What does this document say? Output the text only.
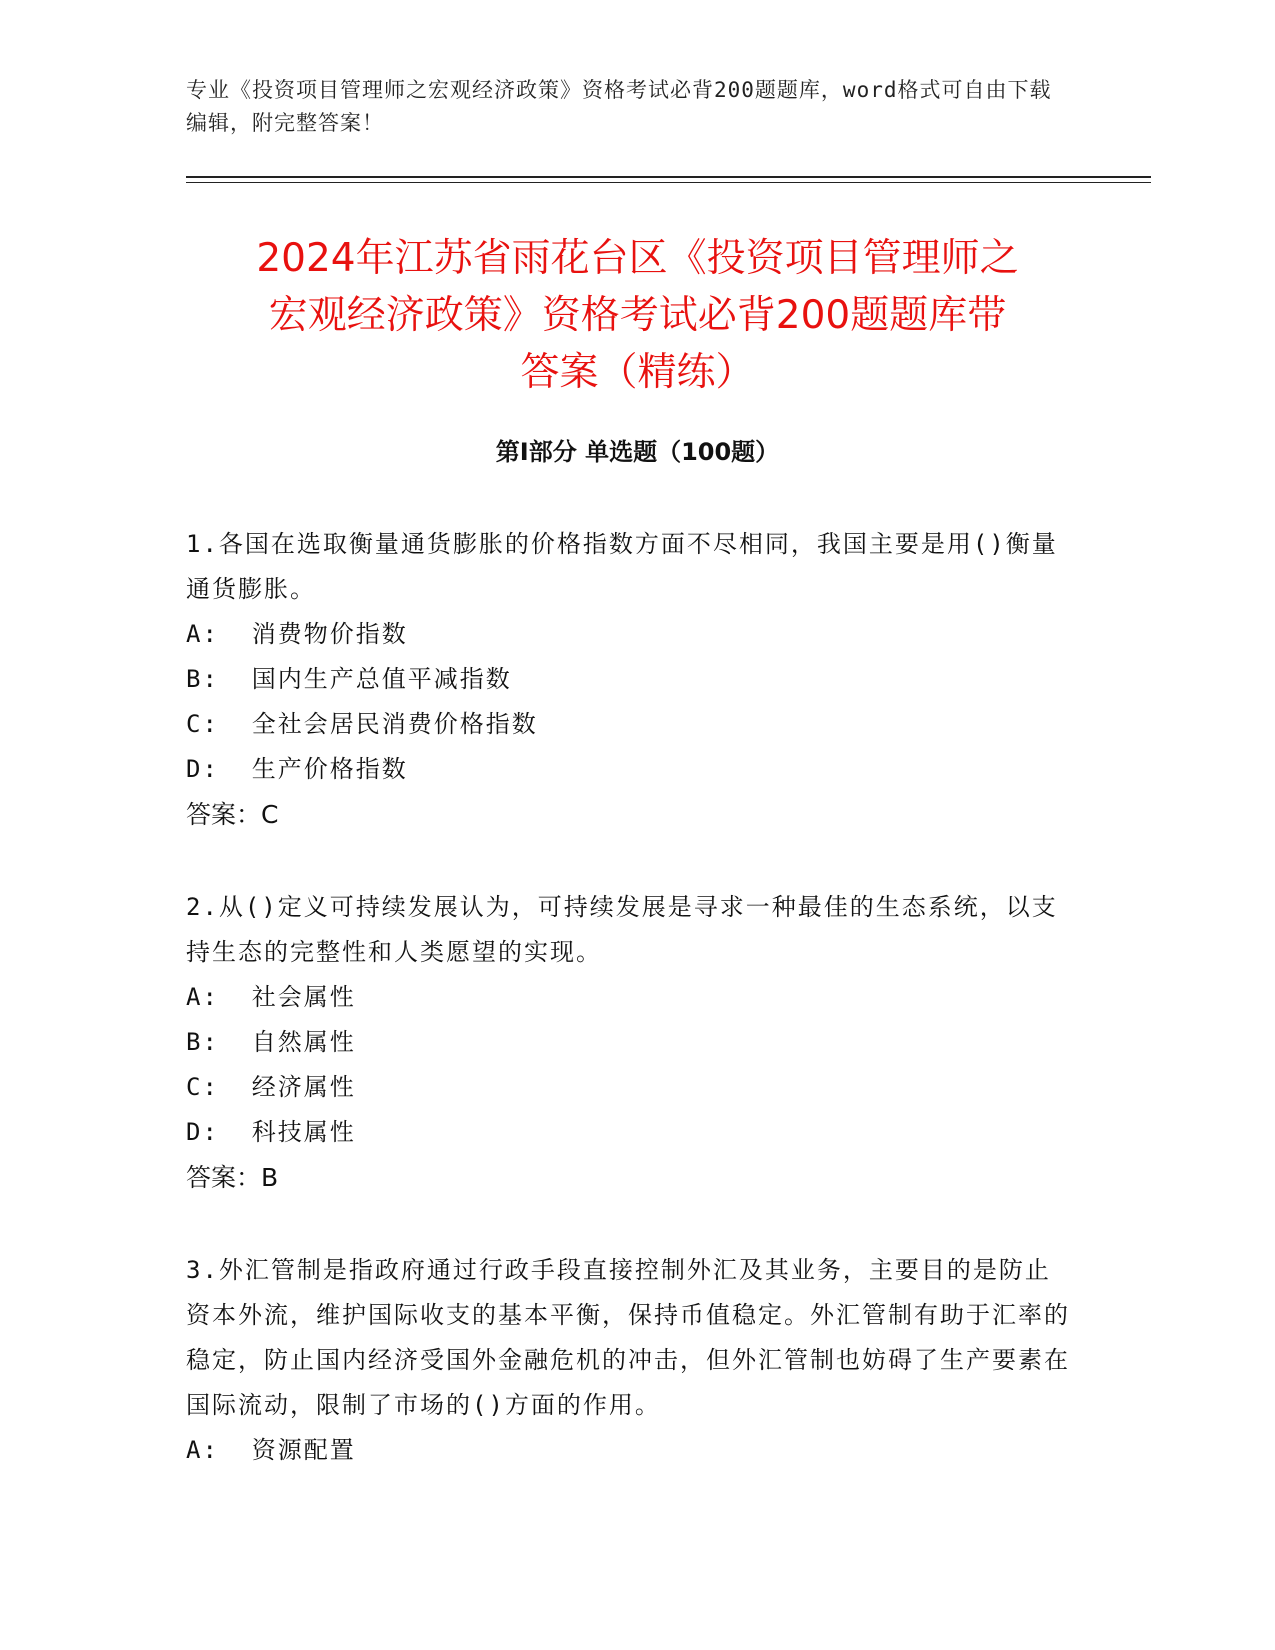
专业《投资项目管理师之宏观经济政策》资格考试必背200题题库，word格式可自由下载编辑，附完整答案！
2024年江苏省雨花台区《投资项目管理师之
宏观经济政策》资格考试必背200题题库带
答案（精练）
第Ⅰ部分 单选题（100题）
1.各国在选取衡量通货膨胀的价格指数方面不尽相同，我国主要是用()衡量通货膨胀。
A:  消费物价指数
B:  国内生产总值平减指数
C:  全社会居民消费价格指数
D:  生产价格指数
答案：C
2.从()定义可持续发展认为，可持续发展是寻求一种最佳的生态系统，以支持生态的完整性和人类愿望的实现。
A:  社会属性
B:  自然属性
C:  经济属性
D:  科技属性
答案：B
3.外汇管制是指政府通过行政手段直接控制外汇及其业务，主要目的是防止资本外流，维护国际收支的基本平衡，保持币值稳定。外汇管制有助于汇率的稳定，防止国内经济受国外金融危机的冲击，但外汇管制也妨碍了生产要素在国际流动，限制了市场的()方面的作用。
A:  资源配置
